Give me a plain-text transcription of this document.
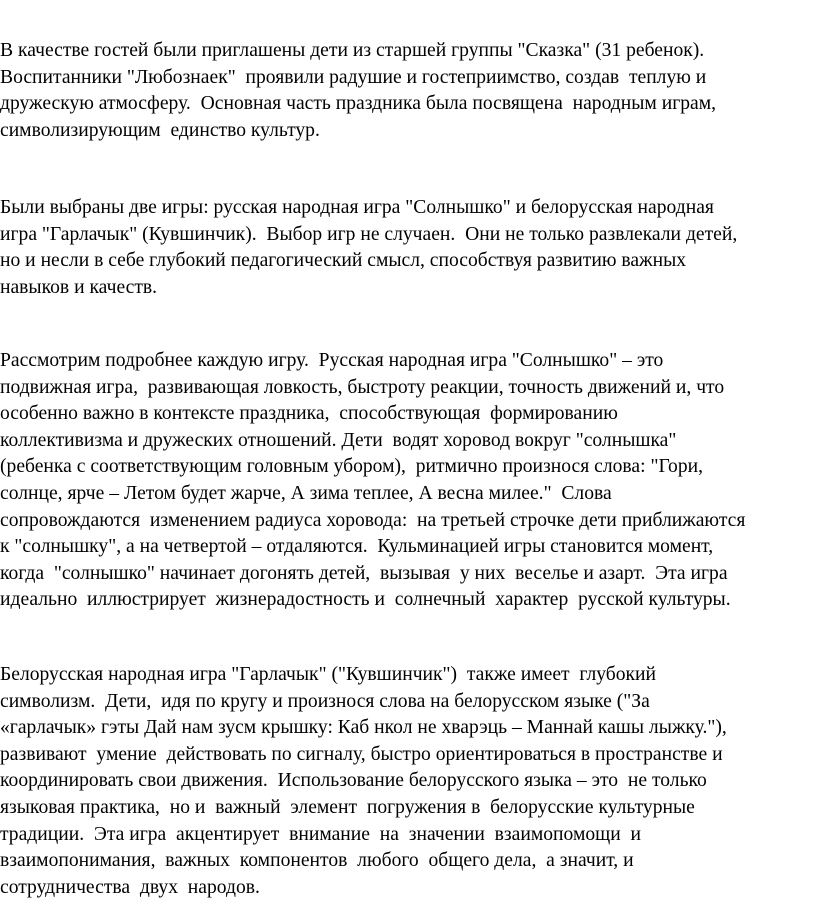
В качестве гостей были приглашены дети из старшей группы "Сказка" (31 ребенок).
Воспитанники "Любознаек"  проявили радушие и гостеприимство, создав  теплую и
дружескую атмосферу.  Основная часть праздника была посвящена  народным играм,
символизирующим  единство культур.
Были выбраны две игры: русская народная игра "Солнышко" и белорусская народная
игра "Гарлачык" (Кувшинчик).  Выбор игр не случаен.  Они не только развлекали детей,
но и несли в себе глубокий педагогический смысл, способствуя развитию важных
навыков и качеств.
Рассмотрим подробнее каждую игру.  Русская народная игра "Солнышко" – это
подвижная игра,  развивающая ловкость, быстроту реакции, точность движений и, что
особенно важно в контексте праздника,  способствующая  формированию
коллективизма и дружеских отношений. Дети  водят хоровод вокруг "солнышка"
(ребенка с соответствующим головным убором),  ритмично произнося слова: "Гори,
солнце, ярче – Летом будет жарче, А зима теплее, А весна милее."  Слова
сопровождаются  изменением радиуса хоровода:  на третьей строчке дети приближаются
к "солнышку", а на четвертой – отдаляются.  Кульминацией игры становится момент,
когда  "солнышко" начинает догонять детей,  вызывая  у них  веселье и азарт.  Эта игра
идеально  иллюстрирует  жизнерадостность и  солнечный  характер  русской культуры.
Белорусская народная игра "Гарлачык" ("Кувшинчик")  также имеет  глубокий
символизм.  Дети,  идя по кругу и произнося слова на белорусском языке ("За
«гарлачык» гэты Дай нам зусм крышку: Каб нкол не хварэць – Маннай кашы лыжку."),
развивают  умение  действовать по сигналу, быстро ориентироваться в пространстве и
координировать свои движения.  Использование белорусского языка – это  не только
языковая практика,  но и  важный  элемент  погружения в  белорусские культурные
традиции.  Эта игра  акцентирует  внимание  на  значении  взаимопомощи  и
взаимопонимания,  важных  компонентов  любого  общего дела,  а значит, и
сотрудничества  двух  народов.
